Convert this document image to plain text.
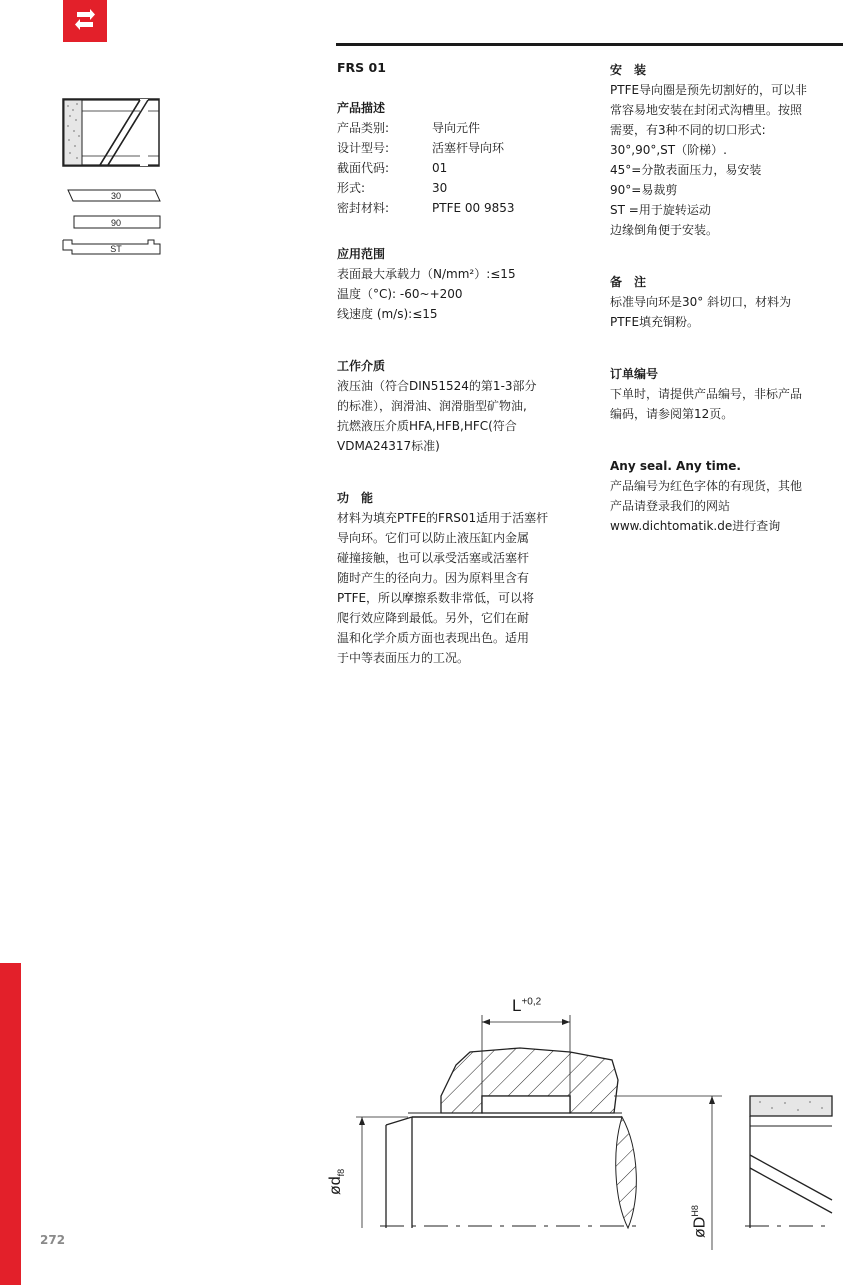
30
90
ST
FRS 01
产品描述
产品类别:	导向元件
设计型号:	活塞杆导向环
截面代码:	01
形式:	30
密封材料:	PTFE 00 9853
应用范围
表面最大承载力（N/mm²）:≤15
温度（°C): -60~+200
线速度 (m/s):≤15
工作介质
液压油（符合DIN51524的第1-3部分
的标准），润滑油、润滑脂型矿物油,
抗燃液压介质HFA,HFB,HFC(符合
VDMA24317标准)
功　能
材料为填充PTFE的FRS01适用于活塞杆
导向环。它们可以防止液压缸内金属
碰撞接触，也可以承受活塞或活塞杆
随时产生的径向力。因为原料里含有
PTFE，所以摩擦系数非常低，可以将
爬行效应降到最低。另外，它们在耐
温和化学介质方面也表现出色。适用
于中等表面压力的工况。
安　装
PTFE导向圈是预先切割好的，可以非
常容易地安装在封闭式沟槽里。按照
需要，有3种不同的切口形式:
30°,90°,ST（阶梯）.
45°=分散表面压力，易安装
90°=易裁剪
ST =用于旋转运动
边缘倒角便于安装。
备　注
标准导向环是30° 斜切口，材料为
PTFE填充铜粉。
订单编号
下单时，请提供产品编号，非标产品
编码，请参阅第12页。
Any seal. Any time.
产品编号为红色字体的有现货，其他
产品请登录我们的网站
www.dichtomatik.de进行查询
$L^{+0,2}$
$ød_{f8}$
$øD^{H8}$
272
